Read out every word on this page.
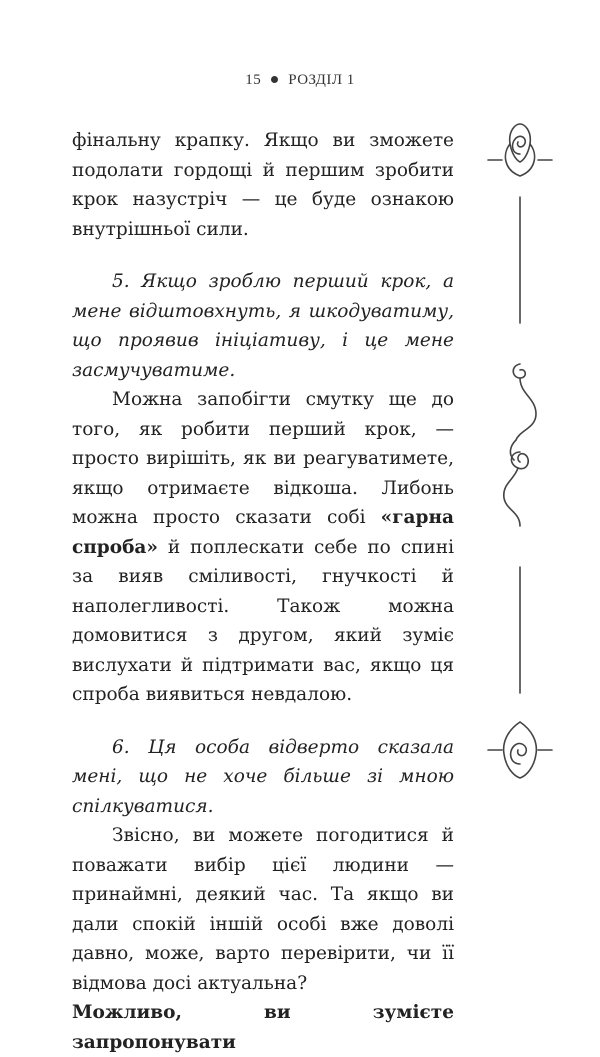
15 РОЗДІЛ 1

фінальну крапку. Якщо ви зможете подолати гордощі й першим зробити крок назустріч — це буде ознакою внутрішньої сили.

5. Якщо зроблю перший крок, а мене відштовхнуть, я шкодуватиму, що проявив ініціативу, і це мене засмучуватиме.

Можна запобігти смутку ще до того, як робити перший крок, — просто вирішіть, як ви реагуватимете, якщо отримаєте відкоша. Либонь можна просто сказати собі «гарна спроба» й поплескати себе по спині за вияв сміливості, гнучкості й наполегливості. Також можна домовитися з другом, який зуміє вислухати й підтримати вас, якщо ця спроба виявиться невдалою.

6. Ця особа відверто сказала мені, що не хоче більше зі мною спілкуватися.

Звісно, ви можете погодитися й поважати вибір цієї людини — принаймні, деякий час. Та якщо ви дали спокій іншій особі вже доволі давно, може, варто перевірити, чи її відмова досі актуальна?

Можливо, ви зумієте запропонувати
